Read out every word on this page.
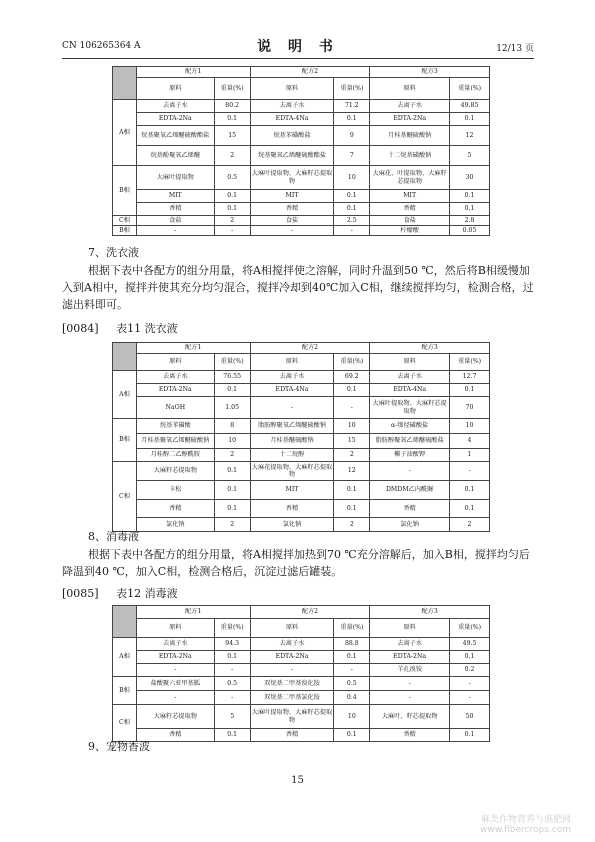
CN 106265364 A	说 明 书	12/13 页
	配方1		配方2		配方3	
	原料	重量(%)	原料	重量(%)	原料	重量(%)
A相	去离子水	80.2	去离子水	71.2	去离子水	49.85
	EDTA-2Na	0.1	EDTA-4Na	0.1	EDTA-2Na	0.1
	烷基聚氧乙烯醚硫酸酯盐	15	烷基苯磺酸盐	9	月桂基醚硫酸钠	12
	烷基酚聚氧乙烯醚	2	烷基聚氧乙烯醚硫酸酯盐	7	十二烷基磺酸钠	5
B相	大麻叶提取物	0.5	大麻叶提取物、大麻籽芯提取物	10	大麻花、叶提取物、大麻籽芯提取物	30
	MIT	0.1	MIT	0.1	MIT	0.1
	香精	0.1	香精	0.1	香精	0.1
C相	食盐	2	食盐	2.5	食盐	2.8
B相	-	-	-	-	柠檬酸	0.05

7、洗衣液

根据下表中各配方的组分用量，将A相搅拌使之溶解，同时升温到50 ℃，然后将B相缓慢加入到A相中，搅拌并使其充分均匀混合，搅拌冷却到40℃加入C相，继续搅拌均匀，检测合格，过滤出料即可。

[0084] 表11 洗衣液
	配方1		配方2		配方3	
	原料	重量(%)	原料	重量(%)	原料	重量(%)
A相	去离子水	76.55	去离子水	69.2	去离子水	12.7
	EDTA-2Na	0.1	EDTA-4Na	0.1	EDTA-4Na	0.1
	NaOH	1.05	-	-	大麻叶提取物、大麻籽芯提取物	70
B相	烷基苯磺酸	8	脂肪醇聚氧乙烯醚硫酸钠	10	α-烯烃磺酸盐	10
	月桂基聚氧乙烯醚硫酸钠	10	月桂基醚硫酸钠	15	脂肪醇聚氧乙烯醚硫酸盐	4
	月桂醇二乙醇酰胺	2	十二烷醇	2	椰子油酸钾	1
C相	大麻籽芯提取物	0.1	大麻花提取物、大麻籽芯提取物	12	-	-
	卡松	0.1	MIT	0.1	DMDM乙内酰脲	0.1
	香精	0.1	香精	0.1	香精	0.1
	氯化钠	2	氯化钠	2	氯化钠	2

8、消毒液

根据下表中各配方的组分用量，将A相搅拌加热到70 ℃充分溶解后，加入B相，搅拌均匀后降温到40 ℃，加入C相，检测合格后，沉淀过滤后罐装。

[0085] 表12 消毒液
	配方1		配方2		配方3	
	原料	重量(%)	原料	重量(%)	原料	重量(%)
A相	去离子水	94.3	去离子水	88.8	去离子水	49.5
	EDTA-2Na	0.1	EDTA-2Na	0.1	EDTA-2Na	0.1
	-	-	-	-	羊扎溴铵	0.2
B相	盐酸聚六亚甲基胍	0.5	双烷基二甲基溴化铵	0.5	-	-
	-	-	双烷基二甲基氯化铵	0.4	-	-
C相	大麻籽芯提取物	5	大麻叶提取物、大麻籽芯提取物	10	大麻叶、籽芯提取物	50
	香精	0.1	香精	0.1	香精	0.1

9、宠物香波

15
麻类作物营养与施肥网
www.fibercrops.com
